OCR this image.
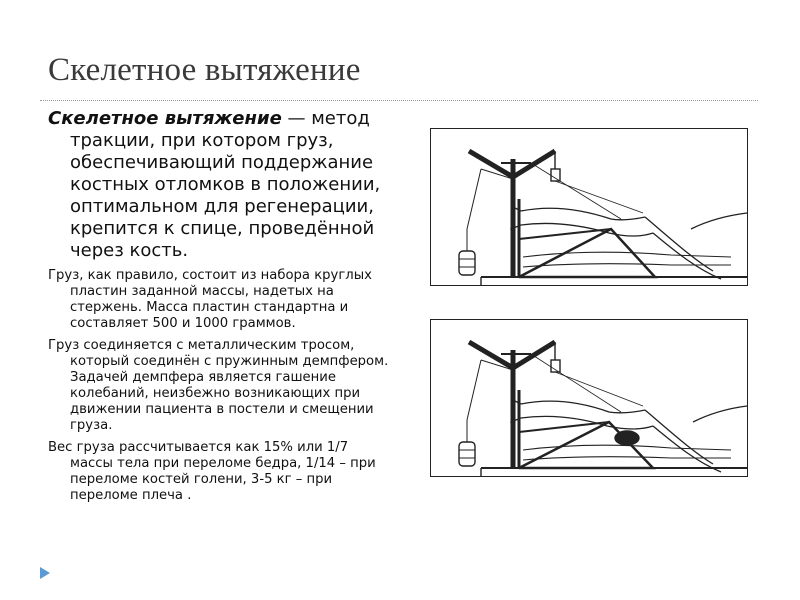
Скелетное вытяжение

Скелетное вытяжение — метод тракции, при котором груз, обеспечивающий поддержание костных отломков в положении, оптимальном для регенерации, крепится к спице, проведённой через кость.

Груз, как правило, состоит из набора круглых пластин заданной массы, надетых на стержень. Масса пластин стандартна и составляет 500 и 1000 граммов.

Груз соединяется с металлическим тросом, который соединён с пружинным демпфером. Задачей демпфера является гашение колебаний, неизбежно возникающих при движении пациента в постели и смещении груза.

Вес груза рассчитывается как 15% или 1/7 массы тела при переломе бедра, 1/14 – при переломе костей голени, 3-5 кг – при переломе плеча .
